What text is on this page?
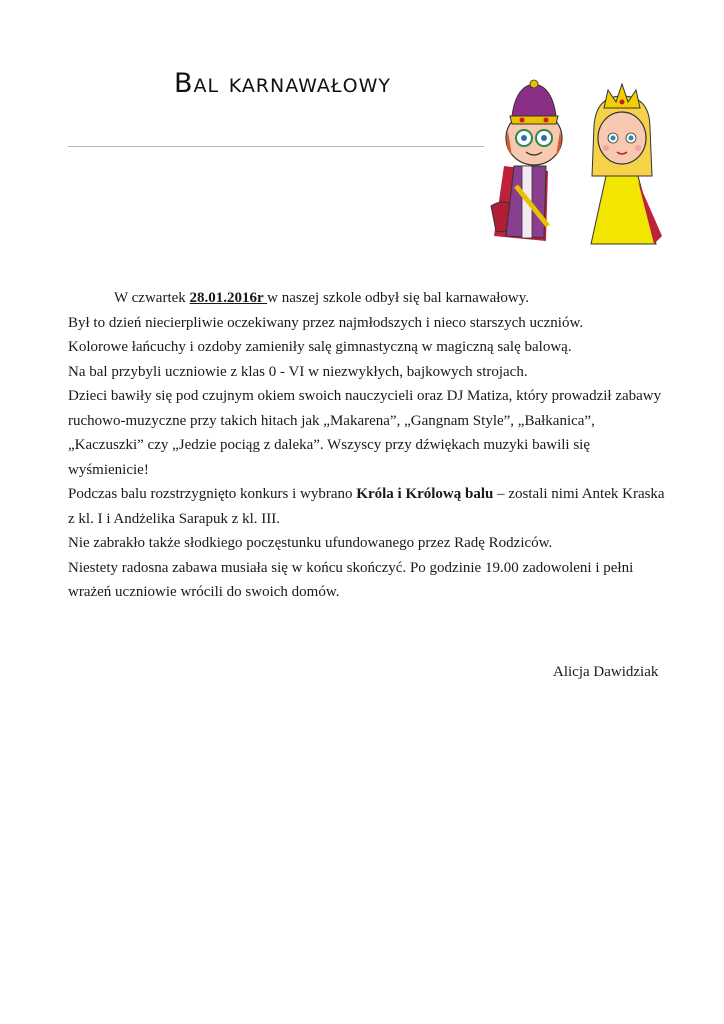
Bal karnawałowy

W czwartek 28.01.2016r w naszej szkole odbył się bal karnawałowy.

Był to dzień niecierpliwie oczekiwany przez najmłodszych i nieco starszych uczniów.

Kolorowe łańcuchy i ozdoby zamieniły salę gimnastyczną w magiczną salę balową.

Na bal przybyli uczniowie z klas 0 - VI w niezwykłych, bajkowych strojach.

Dzieci bawiły się pod czujnym okiem swoich nauczycieli oraz DJ Matiza, który prowadził zabawy ruchowo-muzyczne przy takich hitach jak „Makarena”, „Gangnam Style”, „Bałkanica”, „Kaczuszki” czy „Jedzie pociąg z daleka”. Wszyscy przy dźwiękach muzyki bawili się wyśmienicie!

Podczas balu rozstrzygnięto konkurs i wybrano Króla i Królową balu – zostali nimi Antek Kraska z kl. I i Andżelika Sarapuk z kl. III.

Nie zabrakło także słodkiego poczęstunku ufundowanego przez Radę Rodziców.

Niestety radosna zabawa musiała się w końcu skończyć. Po godzinie 19.00 zadowoleni i pełni wrażeń uczniowie wrócili do swoich domów.

Alicja Dawidziak
